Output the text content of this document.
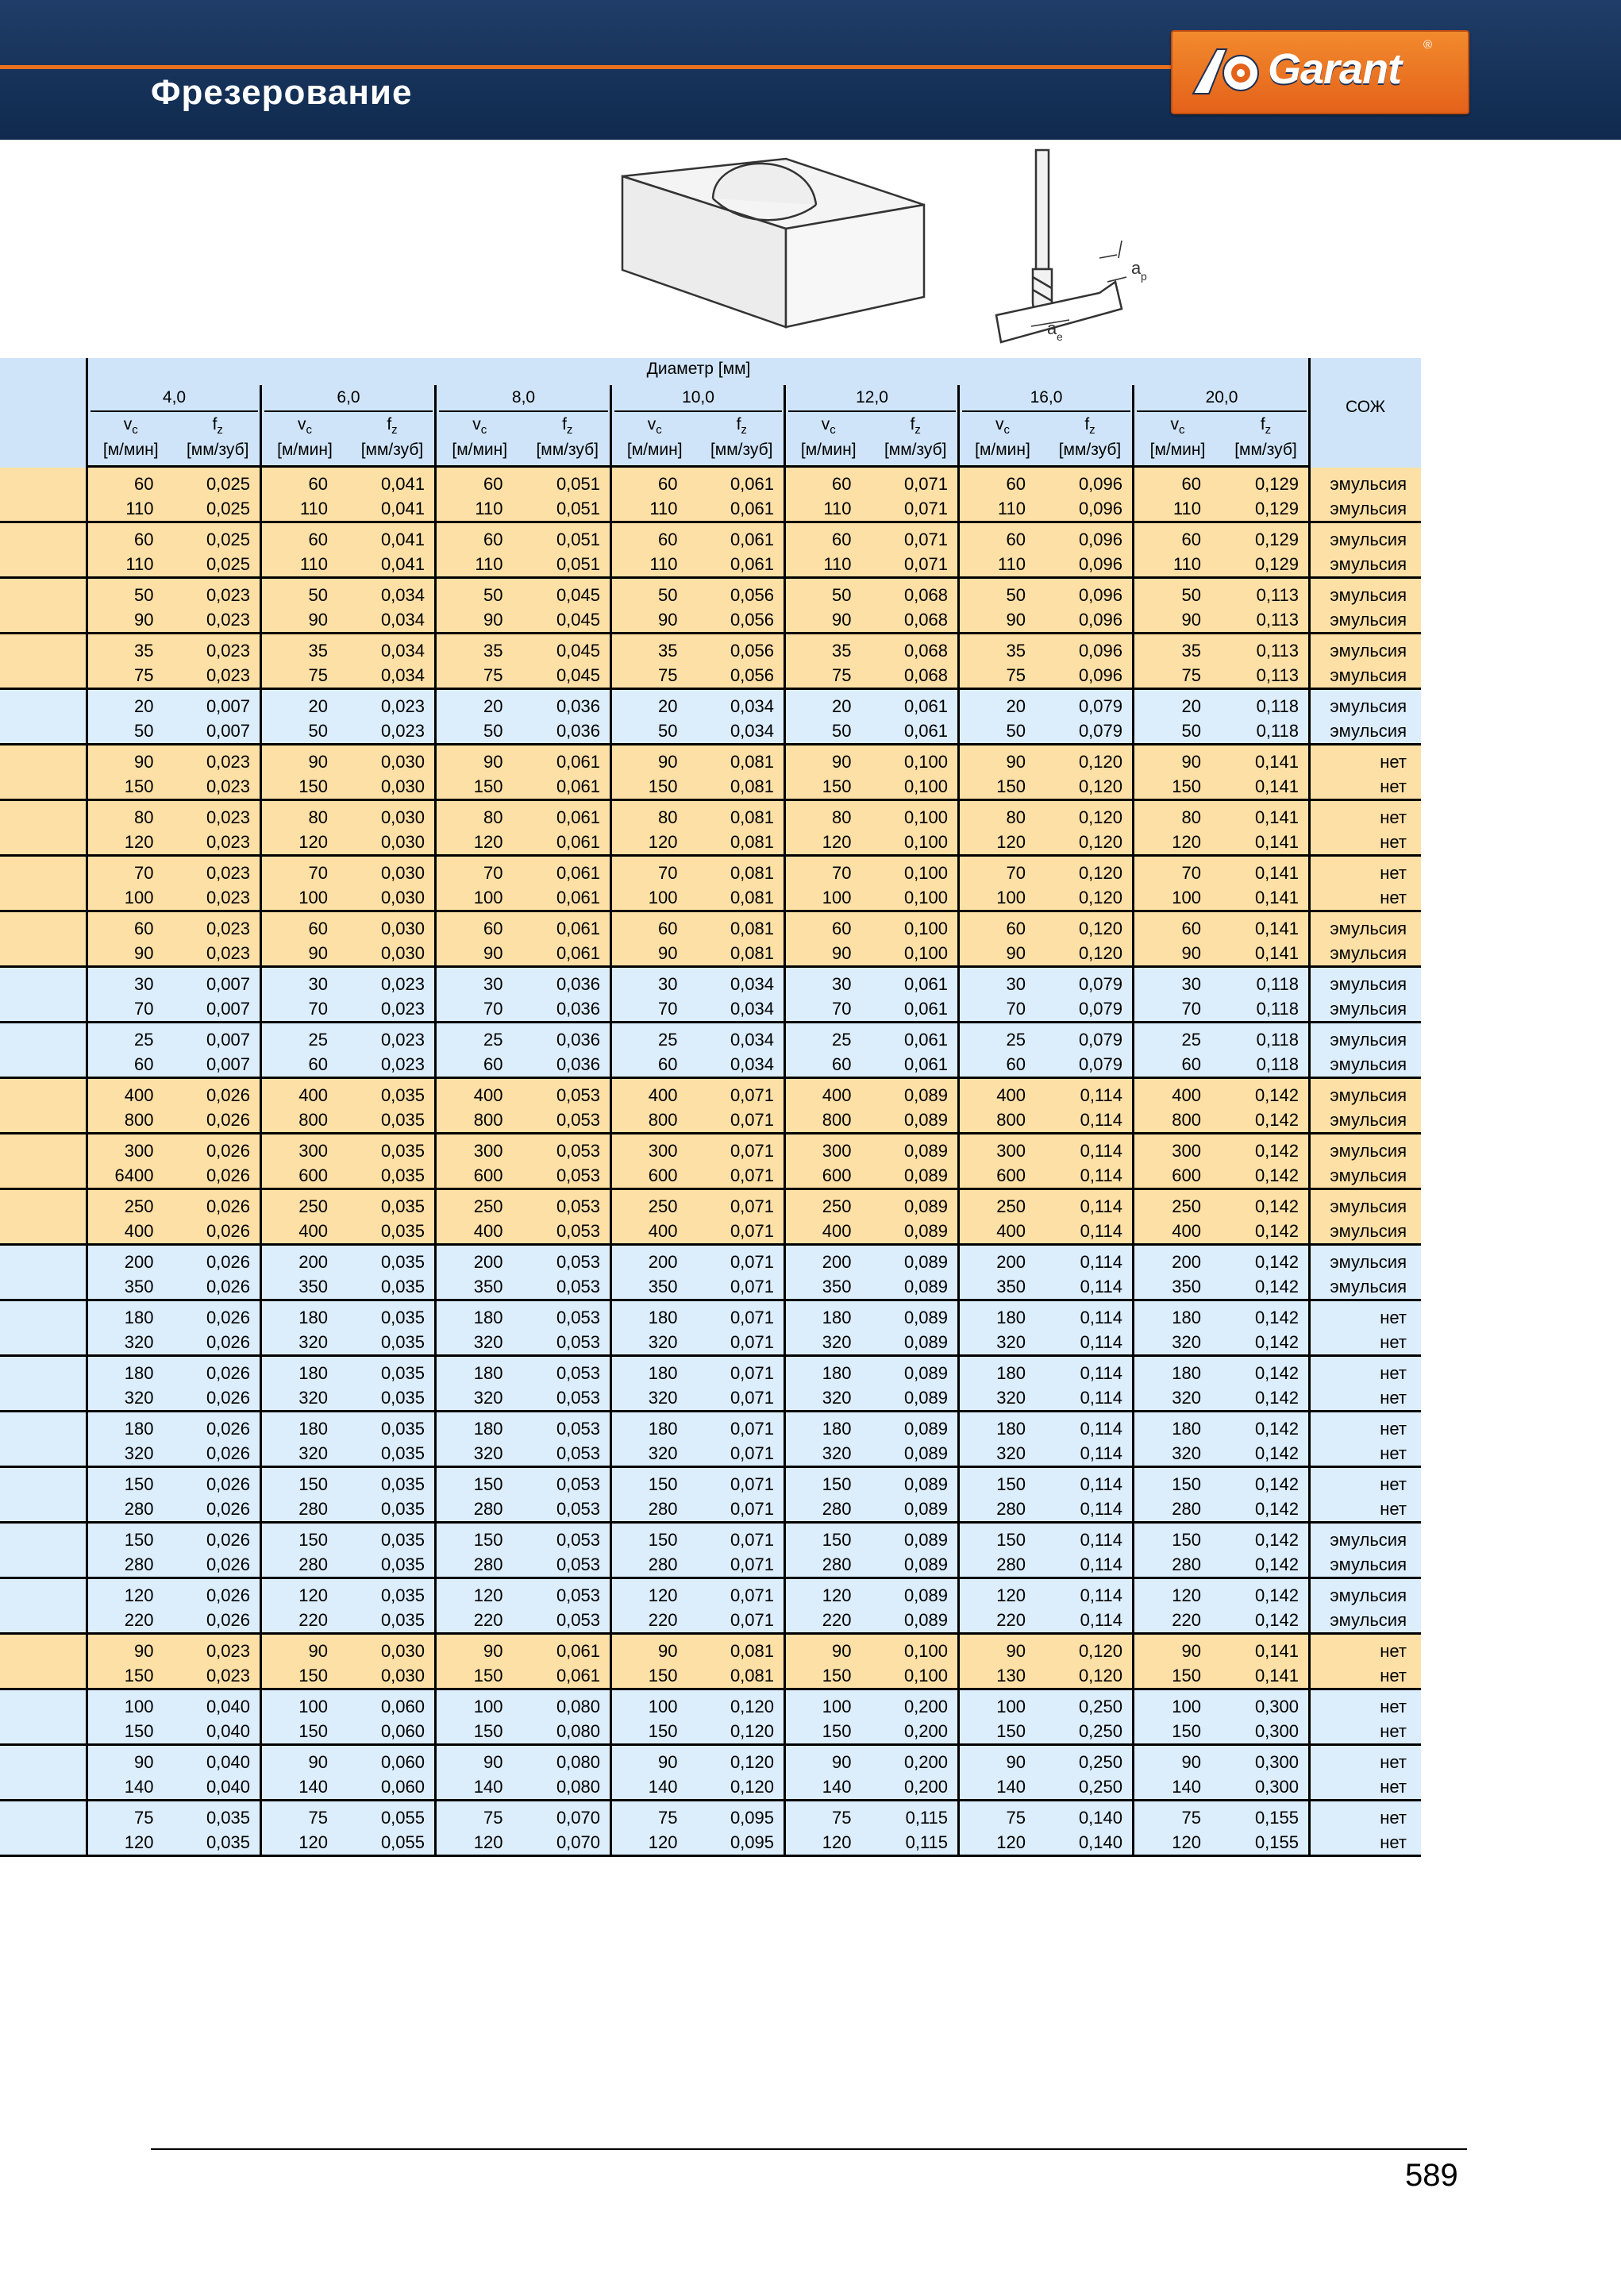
Фрезерование	Garant
®
a p
a e
Диаметр [мм]
СОЖ
4,0
$v_c$
[м/мин]
$f_z$
[мм/зуб]
6,0
$v_c$
[м/мин]
$f_z$
[мм/зуб]
8,0
$v_c$
[м/мин]
$f_z$
[мм/зуб]
10,0
$v_c$
[м/мин]
$f_z$
[мм/зуб]
12,0
$v_c$
[м/мин]
$f_z$
[мм/зуб]
16,0
$v_c$
[м/мин]
$f_z$
[мм/зуб]
20,0
$v_c$
[м/мин]
$f_z$
[мм/зуб]
60	0,025	60	0,041	60	0,051	60	0,061	60	0,071	60	0,096	60	0,129	эмульсия
110	0,025	110	0,041	110	0,051	110	0,061	110	0,071	110	0,096	110	0,129	эмульсия
60	0,025	60	0,041	60	0,051	60	0,061	60	0,071	60	0,096	60	0,129	эмульсия
110	0,025	110	0,041	110	0,051	110	0,061	110	0,071	110	0,096	110	0,129	эмульсия
50	0,023	50	0,034	50	0,045	50	0,056	50	0,068	50	0,096	50	0,113	эмульсия
90	0,023	90	0,034	90	0,045	90	0,056	90	0,068	90	0,096	90	0,113	эмульсия
35	0,023	35	0,034	35	0,045	35	0,056	35	0,068	35	0,096	35	0,113	эмульсия
75	0,023	75	0,034	75	0,045	75	0,056	75	0,068	75	0,096	75	0,113	эмульсия
20	0,007	20	0,023	20	0,036	20	0,034	20	0,061	20	0,079	20	0,118	эмульсия
50	0,007	50	0,023	50	0,036	50	0,034	50	0,061	50	0,079	50	0,118	эмульсия
90	0,023	90	0,030	90	0,061	90	0,081	90	0,100	90	0,120	90	0,141	нет
150	0,023	150	0,030	150	0,061	150	0,081	150	0,100	150	0,120	150	0,141	нет
80	0,023	80	0,030	80	0,061	80	0,081	80	0,100	80	0,120	80	0,141	нет
120	0,023	120	0,030	120	0,061	120	0,081	120	0,100	120	0,120	120	0,141	нет
70	0,023	70	0,030	70	0,061	70	0,081	70	0,100	70	0,120	70	0,141	нет
100	0,023	100	0,030	100	0,061	100	0,081	100	0,100	100	0,120	100	0,141	нет
60	0,023	60	0,030	60	0,061	60	0,081	60	0,100	60	0,120	60	0,141	эмульсия
90	0,023	90	0,030	90	0,061	90	0,081	90	0,100	90	0,120	90	0,141	эмульсия
30	0,007	30	0,023	30	0,036	30	0,034	30	0,061	30	0,079	30	0,118	эмульсия
70	0,007	70	0,023	70	0,036	70	0,034	70	0,061	70	0,079	70	0,118	эмульсия
25	0,007	25	0,023	25	0,036	25	0,034	25	0,061	25	0,079	25	0,118	эмульсия
60	0,007	60	0,023	60	0,036	60	0,034	60	0,061	60	0,079	60	0,118	эмульсия
400	0,026	400	0,035	400	0,053	400	0,071	400	0,089	400	0,114	400	0,142	эмульсия
800	0,026	800	0,035	800	0,053	800	0,071	800	0,089	800	0,114	800	0,142	эмульсия
300	0,026	300	0,035	300	0,053	300	0,071	300	0,089	300	0,114	300	0,142	эмульсия
6400	0,026	600	0,035	600	0,053	600	0,071	600	0,089	600	0,114	600	0,142	эмульсия
250	0,026	250	0,035	250	0,053	250	0,071	250	0,089	250	0,114	250	0,142	эмульсия
400	0,026	400	0,035	400	0,053	400	0,071	400	0,089	400	0,114	400	0,142	эмульсия
200	0,026	200	0,035	200	0,053	200	0,071	200	0,089	200	0,114	200	0,142	эмульсия
350	0,026	350	0,035	350	0,053	350	0,071	350	0,089	350	0,114	350	0,142	эмульсия
180	0,026	180	0,035	180	0,053	180	0,071	180	0,089	180	0,114	180	0,142	нет
320	0,026	320	0,035	320	0,053	320	0,071	320	0,089	320	0,114	320	0,142	нет
180	0,026	180	0,035	180	0,053	180	0,071	180	0,089	180	0,114	180	0,142	нет
320	0,026	320	0,035	320	0,053	320	0,071	320	0,089	320	0,114	320	0,142	нет
180	0,026	180	0,035	180	0,053	180	0,071	180	0,089	180	0,114	180	0,142	нет
320	0,026	320	0,035	320	0,053	320	0,071	320	0,089	320	0,114	320	0,142	нет
150	0,026	150	0,035	150	0,053	150	0,071	150	0,089	150	0,114	150	0,142	нет
280	0,026	280	0,035	280	0,053	280	0,071	280	0,089	280	0,114	280	0,142	нет
150	0,026	150	0,035	150	0,053	150	0,071	150	0,089	150	0,114	150	0,142	эмульсия
280	0,026	280	0,035	280	0,053	280	0,071	280	0,089	280	0,114	280	0,142	эмульсия
120	0,026	120	0,035	120	0,053	120	0,071	120	0,089	120	0,114	120	0,142	эмульсия
220	0,026	220	0,035	220	0,053	220	0,071	220	0,089	220	0,114	220	0,142	эмульсия
90	0,023	90	0,030	90	0,061	90	0,081	90	0,100	90	0,120	90	0,141	нет
150	0,023	150	0,030	150	0,061	150	0,081	150	0,100	130	0,120	150	0,141	нет
100	0,040	100	0,060	100	0,080	100	0,120	100	0,200	100	0,250	100	0,300	нет
150	0,040	150	0,060	150	0,080	150	0,120	150	0,200	150	0,250	150	0,300	нет
90	0,040	90	0,060	90	0,080	90	0,120	90	0,200	90	0,250	90	0,300	нет
140	0,040	140	0,060	140	0,080	140	0,120	140	0,200	140	0,250	140	0,300	нет
75	0,035	75	0,055	75	0,070	75	0,095	75	0,115	75	0,140	75	0,155	нет
120	0,035	120	0,055	120	0,070	120	0,095	120	0,115	120	0,140	120	0,155	нет
589
